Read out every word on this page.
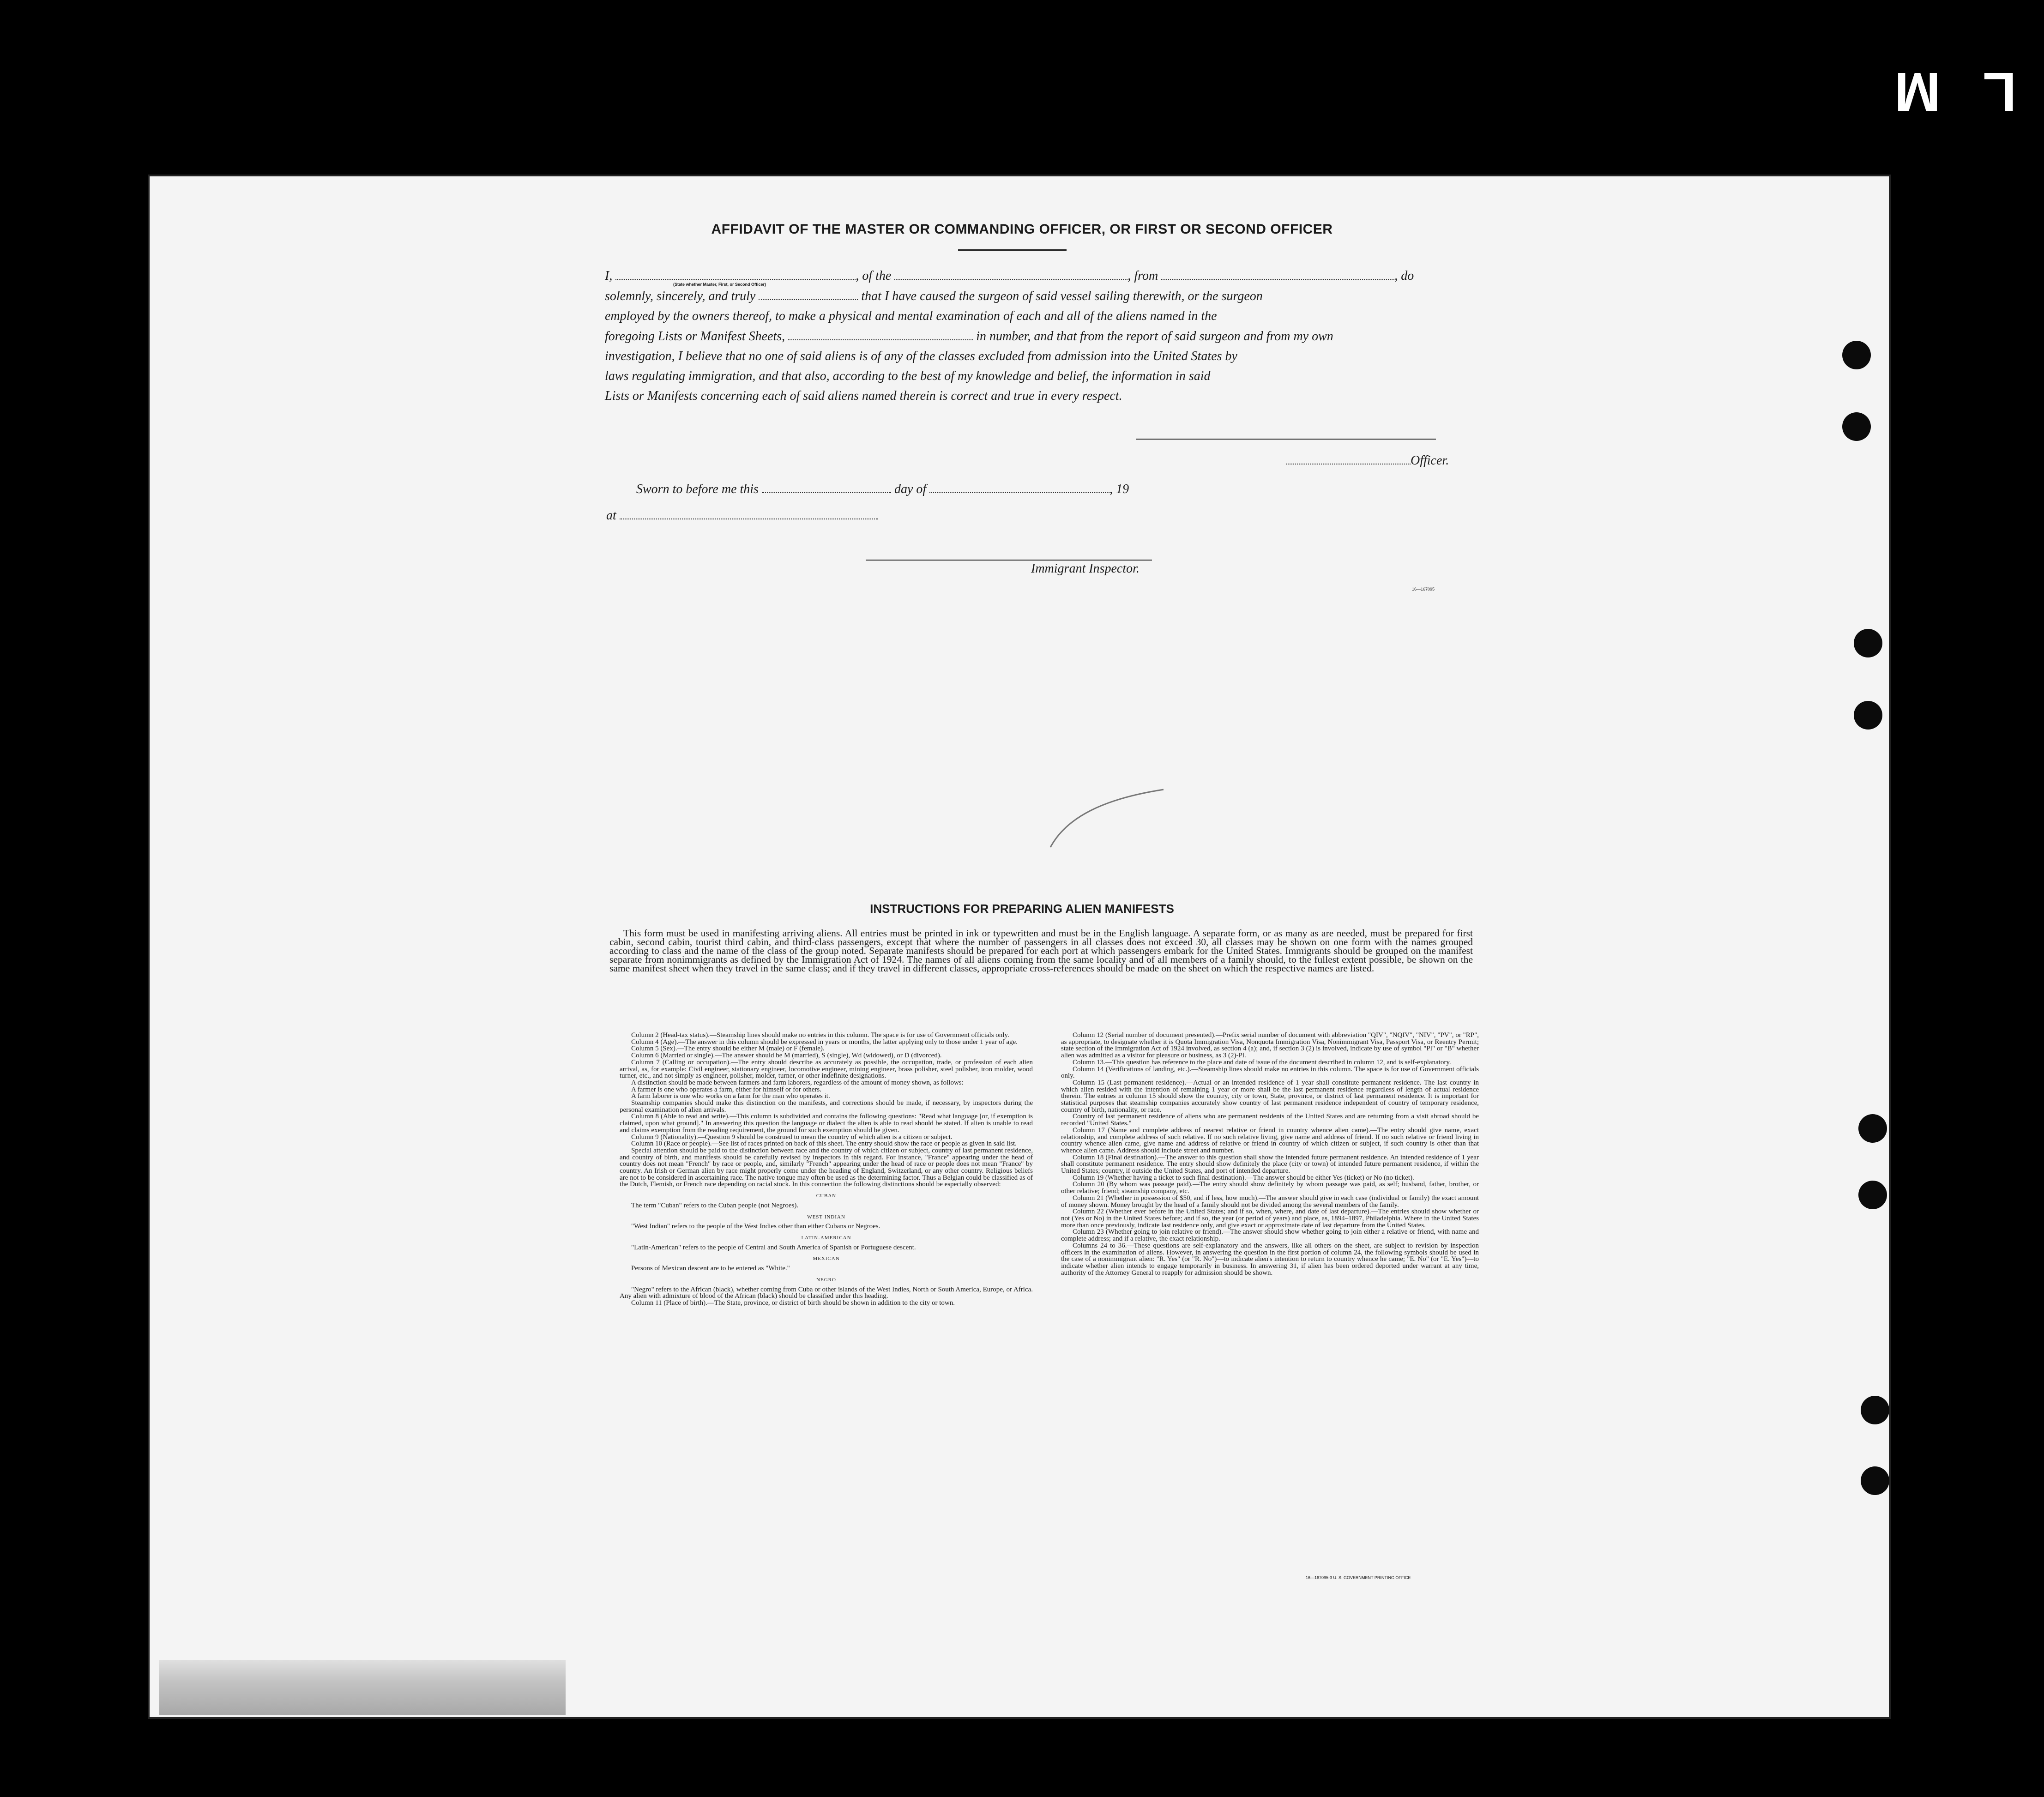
L M
AFFIDAVIT OF THE MASTER OR COMMANDING OFFICER, OR FIRST OR SECOND OFFICER
I,	, of the	, from	, do
(State whether Master, First, or Second Officer)
solemnly, sincerely, and truly	that I have caused the surgeon of said vessel sailing therewith, or the surgeon
employed by the owners thereof, to make a physical and mental examination of each and all of the aliens named in the
foregoing Lists or Manifest Sheets,	in number, and that from the report of said surgeon and from my own
investigation, I believe that no one of said aliens is of any of the classes excluded from admission into the United States by
laws regulating immigration, and that also, according to the best of my knowledge and belief, the information in said
Lists or Manifests concerning each of said aliens named therein is correct and true in every respect.
Officer.
Sworn to before me this	day of	, 19
at
Immigrant Inspector.
16—167095
INSTRUCTIONS FOR PREPARING ALIEN MANIFESTS
This form must be used in manifesting arriving aliens. All entries must be printed in ink or typewritten and must be in the English language. A separate form, or as many as are needed, must be prepared for first cabin, second cabin, tourist third cabin, and third-class passengers, except that where the number of passengers in all classes does not exceed 30, all classes may be shown on one form with the names grouped according to class and the name of the class of the group noted. Separate manifests should be prepared for each port at which passengers embark for the United States. Immigrants should be grouped on the manifest separate from nonimmigrants as defined by the Immigration Act of 1924. The names of all aliens coming from the same locality and of all members of a family should, to the fullest extent possible, be shown on the same manifest sheet when they travel in the same class; and if they travel in different classes, appropriate cross-references should be made on the sheet on which the respective names are listed.

Column 2 (Head-tax status).—Steamship lines should make no entries in this column. The space is for use of Government officials only.

Column 4 (Age).—The answer in this column should be expressed in years or months, the latter applying only to those under 1 year of age.

Column 5 (Sex).—The entry should be either M (male) or F (female).

Column 6 (Married or single).—The answer should be M (married), S (single), Wd (widowed), or D (divorced).

Column 7 (Calling or occupation).—The entry should describe as accurately as possible, the occupation, trade, or profession of each alien arrival, as, for example: Civil engineer, stationary engineer, locomotive engineer, mining engineer, brass polisher, steel polisher, iron molder, wood turner, etc., and not simply as engineer, polisher, molder, turner, or other indefinite designations.

A distinction should be made between farmers and farm laborers, regardless of the amount of money shown, as follows:

A farmer is one who operates a farm, either for himself or for others.

A farm laborer is one who works on a farm for the man who operates it.

Steamship companies should make this distinction on the manifests, and corrections should be made, if necessary, by inspectors during the personal examination of alien arrivals.

Column 8 (Able to read and write).—This column is subdivided and contains the following questions: "Read what language [or, if exemption is claimed, upon what ground]." In answering this question the language or dialect the alien is able to read should be stated. If alien is unable to read and claims exemption from the reading requirement, the ground for such exemption should be given.

Column 9 (Nationality).—Question 9 should be construed to mean the country of which alien is a citizen or subject.

Column 10 (Race or people).—See list of races printed on back of this sheet. The entry should show the race or people as given in said list.

Special attention should be paid to the distinction between race and the country of which citizen or subject, country of last permanent residence, and country of birth, and manifests should be carefully revised by inspectors in this regard. For instance, "France" appearing under the head of country does not mean "French" by race or people, and, similarly "French" appearing under the head of race or people does not mean "France" by country. An Irish or German alien by race might properly come under the heading of England, Switzerland, or any other country. Religious beliefs are not to be considered in ascertaining race. The native tongue may often be used as the determining factor. Thus a Belgian could be classified as of the Dutch, Flemish, or French race depending on racial stock. In this connection the following distinctions should be especially observed:

CUBAN

The term "Cuban" refers to the Cuban people (not Negroes).

WEST INDIAN

"West Indian" refers to the people of the West Indies other than either Cubans or Negroes.

LATIN-AMERICAN

"Latin-American" refers to the people of Central and South America of Spanish or Portuguese descent.

MEXICAN

Persons of Mexican descent are to be entered as "White."

NEGRO

"Negro" refers to the African (black), whether coming from Cuba or other islands of the West Indies, North or South America, Europe, or Africa. Any alien with admixture of blood of the African (black) should be classified under this heading.

Column 11 (Place of birth).—The State, province, or district of birth should be shown in addition to the city or town.

Column 12 (Serial number of document presented).—Prefix serial number of document with abbreviation "QIV", "NQIV", "NIV", "PV", or "RP", as appropriate, to designate whether it is Quota Immigration Visa, Nonquota Immigration Visa, Nonimmigrant Visa, Passport Visa, or Reentry Permit; state section of the Immigration Act of 1924 involved, as section 4 (a); and, if section 3 (2) is involved, indicate by use of symbol "Pl" or "B" whether alien was admitted as a visitor for pleasure or business, as 3 (2)-Pl.

Column 13.—This question has reference to the place and date of issue of the document described in column 12, and is self-explanatory.

Column 14 (Verifications of landing, etc.).—Steamship lines should make no entries in this column. The space is for use of Government officials only.

Column 15 (Last permanent residence).—Actual or an intended residence of 1 year shall constitute permanent residence. The last country in which alien resided with the intention of remaining 1 year or more shall be the last permanent residence regardless of length of actual residence therein. The entries in column 15 should show the country, city or town, State, province, or district of last permanent residence. It is important for statistical purposes that steamship companies accurately show country of last permanent residence independent of country of temporary residence, country of birth, nationality, or race.

Country of last permanent residence of aliens who are permanent residents of the United States and are returning from a visit abroad should be recorded "United States."

Column 17 (Name and complete address of nearest relative or friend in country whence alien came).—The entry should give name, exact relationship, and complete address of such relative. If no such relative living, give name and address of friend. If no such relative or friend living in country whence alien came, give name and address of relative or friend in country of which citizen or subject, if such country is other than that whence alien came. Address should include street and number.

Column 18 (Final destination).—The answer to this question shall show the intended future permanent residence. An intended residence of 1 year shall constitute permanent residence. The entry should show definitely the place (city or town) of intended future permanent residence, if within the United States; country, if outside the United States, and port of intended departure.

Column 19 (Whether having a ticket to such final destination).—The answer should be either Yes (ticket) or No (no ticket).

Column 20 (By whom was passage paid).—The entry should show definitely by whom passage was paid, as self; husband, father, brother, or other relative; friend; steamship company, etc.

Column 21 (Whether in possession of $50, and if less, how much).—The answer should give in each case (individual or family) the exact amount of money shown. Money brought by the head of a family should not be divided among the several members of the family.

Column 22 (Whether ever before in the United States; and if so, when, where, and date of last departure).—The entries should show whether or not (Yes or No) in the United States before; and if so, the year (or period of years) and place, as, 1894–1897, Philadelphia. Where in the United States more than once previously, indicate last residence only, and give exact or approximate date of last departure from the United States.

Column 23 (Whether going to join relative or friend).—The answer should show whether going to join either a relative or friend, with name and complete address; and if a relative, the exact relationship.

Columns 24 to 36.—These questions are self-explanatory and the answers, like all others on the sheet, are subject to revision by inspection officers in the examination of aliens. However, in answering the question in the first portion of column 24, the following symbols should be used in the case of a nonimmigrant alien: "R. Yes" (or "R. No")—to indicate alien's intention to return to country whence he came; "E. No" (or "E. Yes")—to indicate whether alien intends to engage temporarily in business. In answering 31, if alien has been ordered deported under warrant at any time, authority of the Attorney General to reapply for admission should be shown.

16—167095-3 U. S. GOVERNMENT PRINTING OFFICE
